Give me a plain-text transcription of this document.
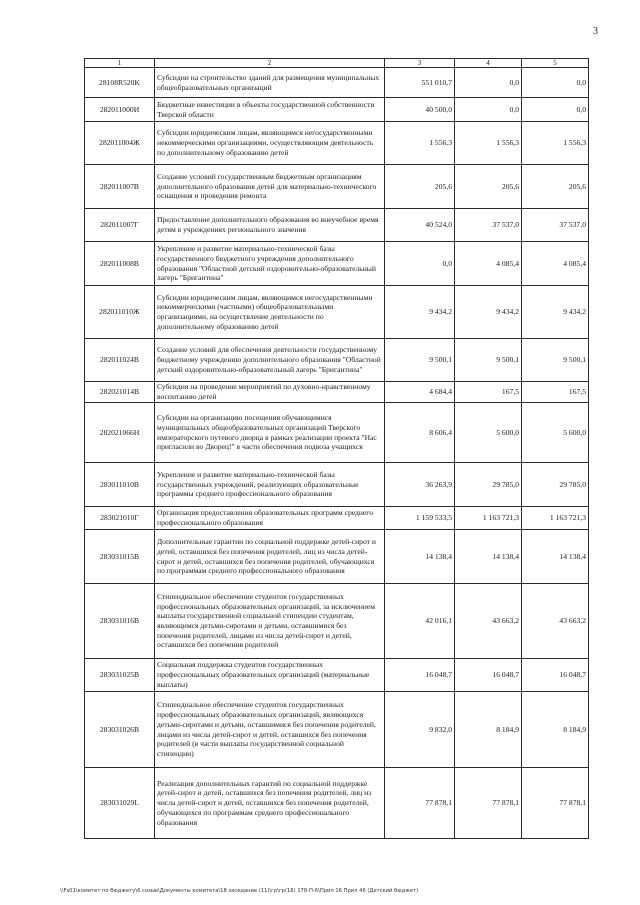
3
1	2	3	4	5
28108R520K	Субсидии на строительство зданий для размещения муниципальных общеобразовательных организаций	551 010,7	0,0	0,0
282011000И	Бюджетные инвестиции в объекты государственной собственности Тверской области	40 500,0	0,0	0,0
282011004Ж	Субсидии юридическим лицам, являющимся негосударственными некоммерческими организациями, осуществляющим деятельность по дополнительному образованию детей	1 556,3	1 556,3	1 556,3
282011007В	Создание условий государственным бюджетным организациям дополнительного образования детей для материально-технического оснащения и проведения ремонта	205,6	205,6	205,6
282011007Г	Предоставление дополнительного образования во внеучебное время детям в учреждениях регионального значения	40 524,0	37 537,0	37 537,0
282011008В	Укрепление и развитие материально-технической базы государственного бюджетного учреждения дополнительного образования "Областной детский оздоровительно-образовательный лагерь "Бригантина"	0,0	4 085,4	4 085,4
282011010Ж	Субсидии юридическим лицам, являющимся негосударственными некоммерческими (частными) общеобразовательными организациями, на осуществление деятельности по дополнительному образованию детей	9 434,2	9 434,2	9 434,2
282011024В	Создание условий для обеспечения деятельности государственному бюджетному учреждению дополнительного образования "Областной детский оздоровительно-образовательный лагерь "Бригантина"	9 500,1	9 500,1	9 500,1
282021014В	Субсидия на проведение мероприятий по духовно-нравственному воспитанию детей	4 684,4	167,5	167,5
282021066Н	Субсидии на организацию посещения обучающимися муниципальных общеобразовательных организаций Тверского императорского путевого дворца в рамках реализации проекта "Нас пригласили во Дворец!" в части обеспечения подвоза учащихся	8 606,4	5 600,0	5 600,0
283011010В	Укрепление и развитие материально-технической базы государственных учреждений, реализующих образовательные программы среднего профессионального образования	36 263,9	29 785,0	29 785,0
283021010Г	Организация предоставления образовательных программ среднего профессионального образования	1 159 533,5	1 163 721,3	1 163 721,3
283031015В	Дополнительные гарантии по социальной поддержке детей-сирот и детей, оставшихся без попечения родителей, лиц из числа детей-сирот и детей, оставшихся без попечения родителей, обучающихся по программам среднего профессионального образования	14 138,4	14 138,4	14 138,4
283031016В	Стипендиальное обеспечение студентов государственных профессиональных образовательных организаций, за исключением выплаты государственной социальной стипендии студентам, являющимся детьми-сиротами и детьми, оставшимися без попечения родителей, лицами из числа детей-сирот и детей, оставшихся без попечения родителей	42 016,1	43 663,2	43 663,2
283031025В	Социальная поддержка студентов государственных профессиональных образовательных организаций (материальные выплаты)	16 048,7	16 048,7	16 048,7
283031026В	Стипендиальное обеспечение студентов государственных профессиональных образовательных организаций, являющихся детьми-сиротами и детьми, оставшимися без попечения родителей, лицами из числа детей-сирот и детей, оставшихся без попечения родителей (в части выплаты государственной социальной стипендии)	9 832,0	8 184,9	8 184,9
283031029L	Реализация дополнительных гарантий по социальной поддержке детей-сирот и детей, оставшихся без попечения родителей, лиц из числа детей-сирот и детей, оставшихся без попечения родителей, обучающихся по программам среднего профессионального образования	77 878,1	77 878,1	77 878,1
\\Fs01\комитет по бюджету\6 созыв\Документы комитета\18 заседание (11)\гр\гр(18) 178-П-6\Прил 16 Прил 46 (Детский бюджет)
